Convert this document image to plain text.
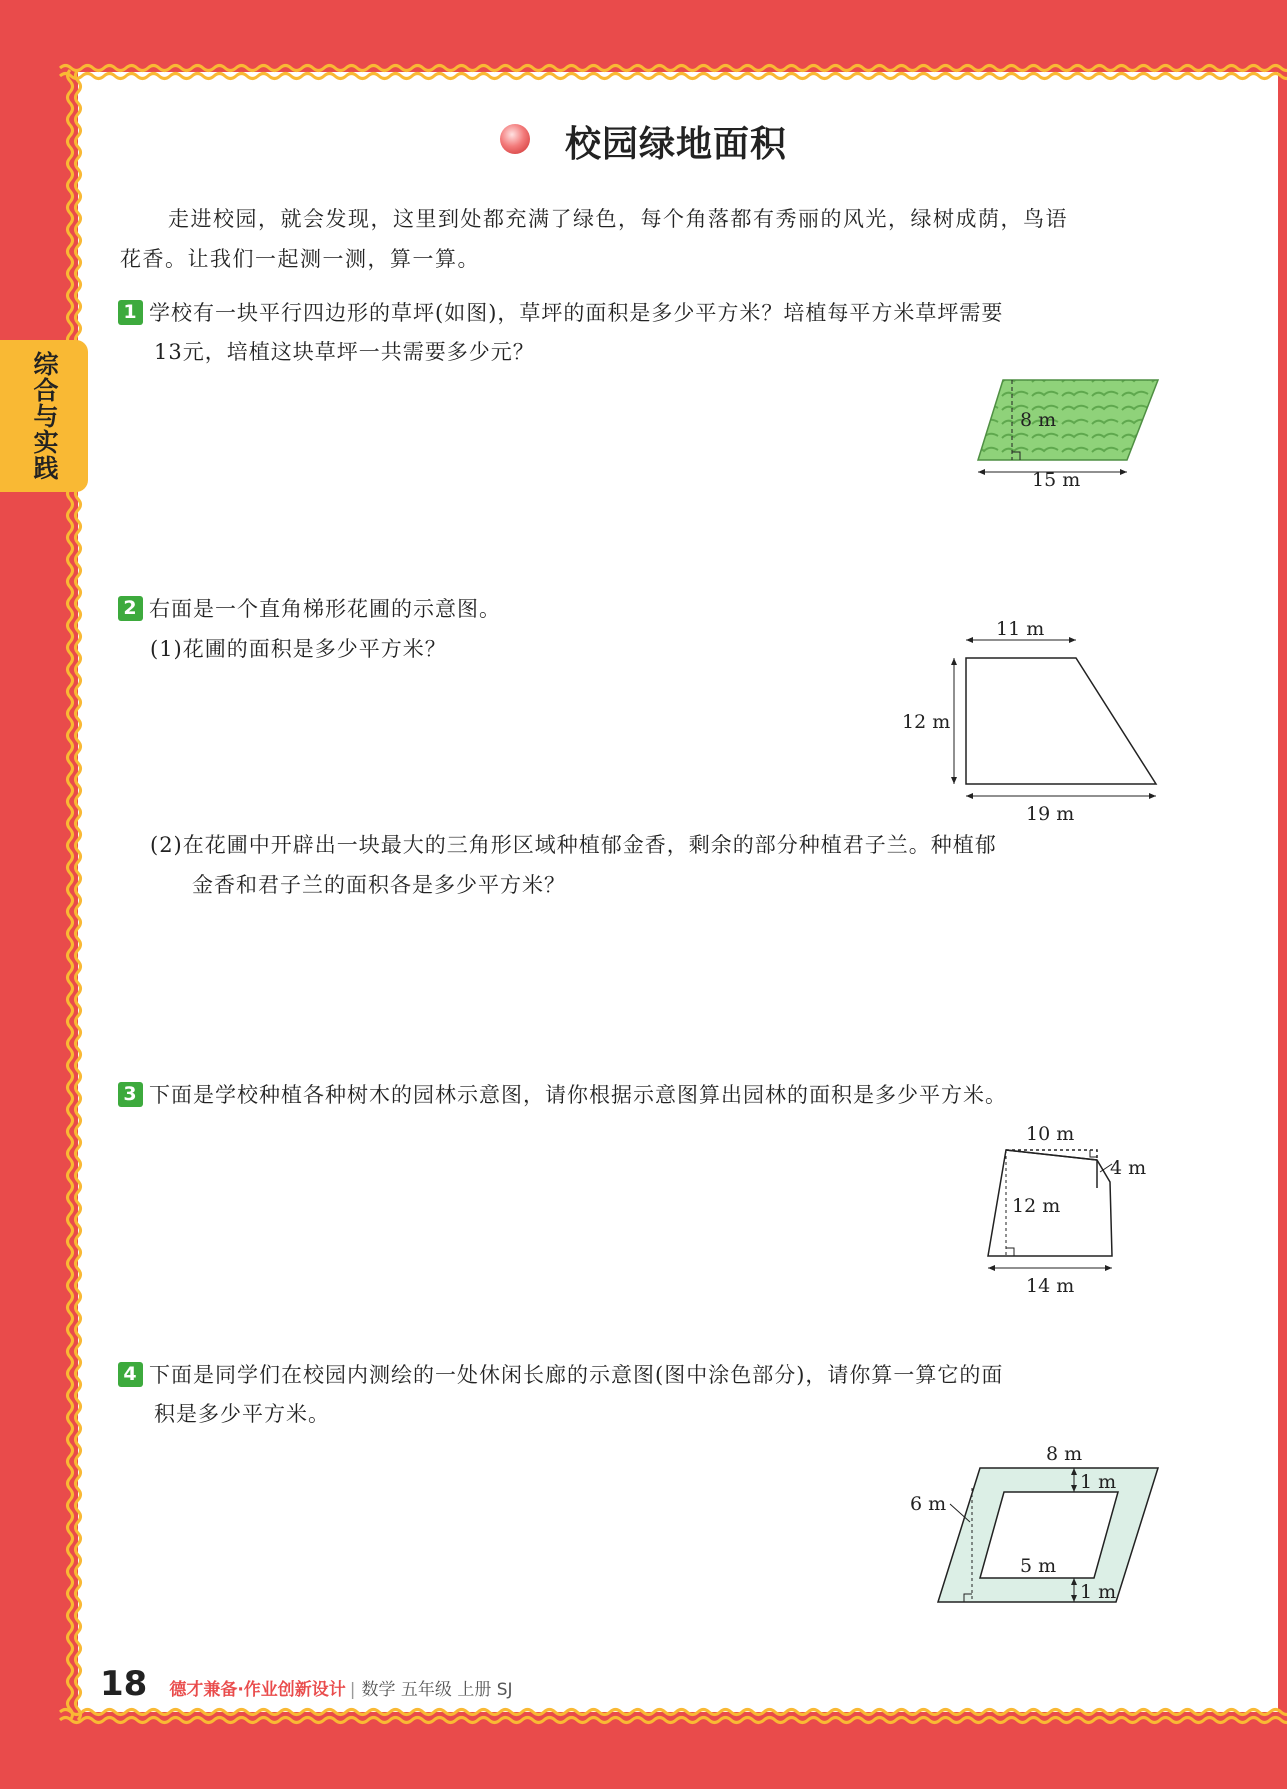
综合与实践
校园绿地面积
走进校园，就会发现，这里到处都充满了绿色，每个角落都有秀丽的风光，绿树成荫，鸟语
花香。让我们一起测一测，算一算。
1 学校有一块平行四边形的草坪(如图)，草坪的面积是多少平方米？培植每平方米草坪需要
13元，培植这块草坪一共需要多少元？
8 m
15 m
2 右面是一个直角梯形花圃的示意图。
(1)花圃的面积是多少平方米？
11 m
12 m
19 m
(2)在花圃中开辟出一块最大的三角形区域种植郁金香，剩余的部分种植君子兰。种植郁
金香和君子兰的面积各是多少平方米？
3 下面是学校种植各种树木的园林示意图，请你根据示意图算出园林的面积是多少平方米。
10 m
4 m
12 m
14 m
4 下面是同学们在校园内测绘的一处休闲长廊的示意图(图中涂色部分)，请你算一算它的面
积是多少平方米。
8 m
6 m
1 m
5 m
1 m
18 德才兼备·作业创新设计 | 数学 五年级 上册 SJ
